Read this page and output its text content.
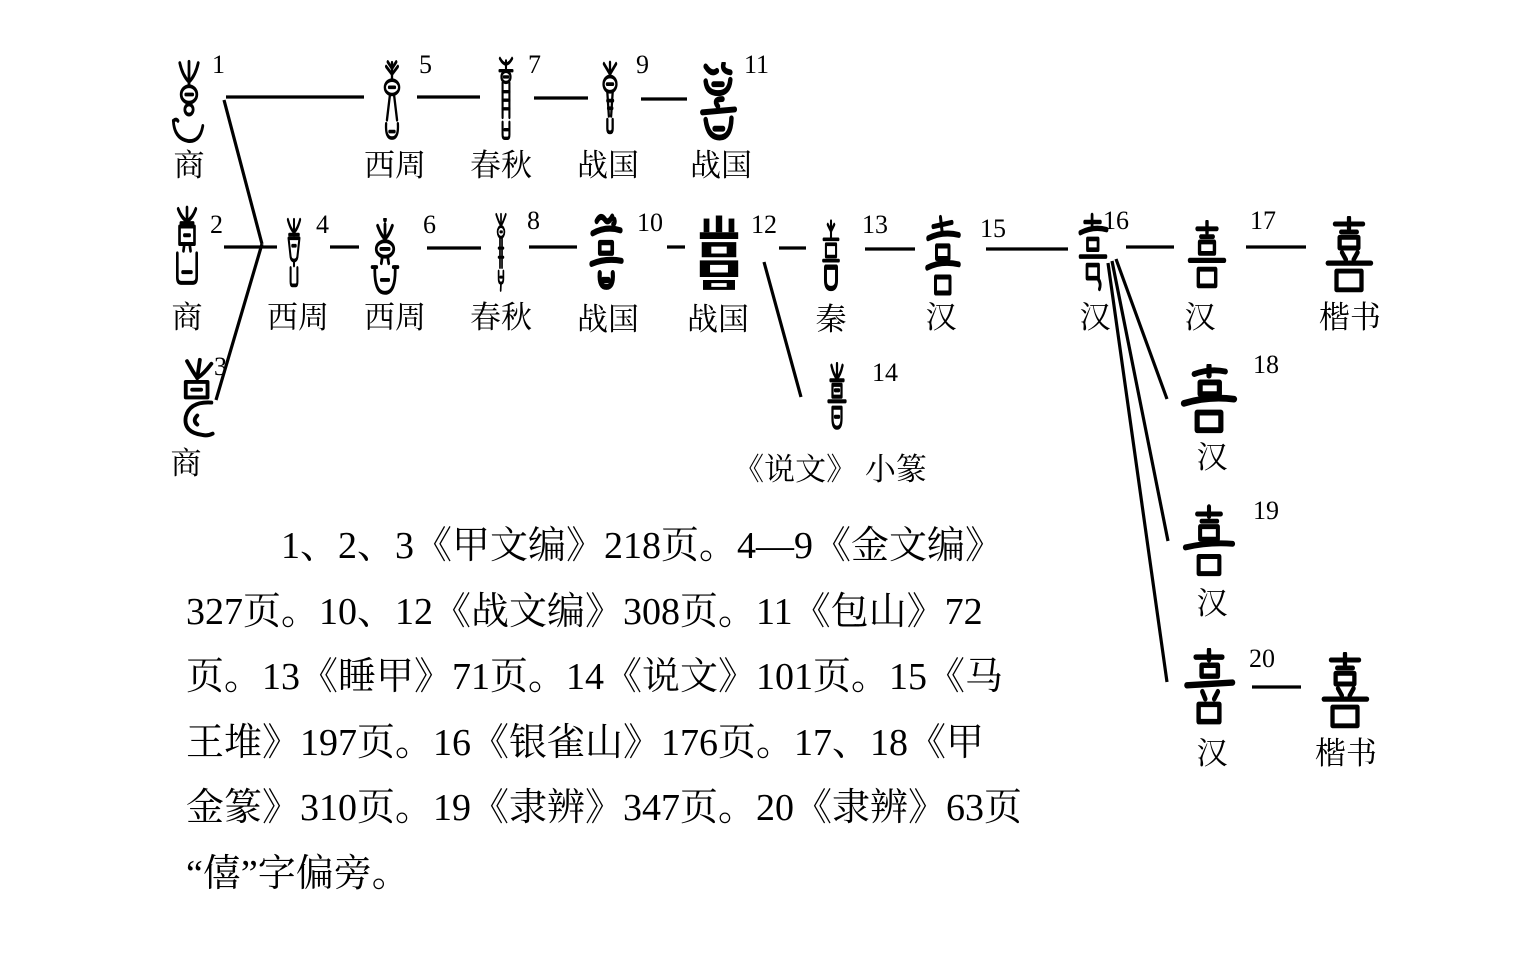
1
商
2
商
3
商
4
西周
5
西周
6
西周
7
春秋
8
春秋
9
战国
10
战国
11
战国
12
战国
13
秦
14
《说文》 小篆
15
汉
16
汉
17
汉
18
汉
19
汉
20
汉
楷书
楷书
1、2、3《甲文编》218页。4—9《金文编》
327页。10、12《战文编》308页。11《包山》72
页。13《睡甲》71页。14《说文》101页。15《马
王堆》197页。16《银雀山》176页。17、18《甲
金篆》310页。19《隶辨》347页。20《隶辨》63页
“僖”字偏旁。
